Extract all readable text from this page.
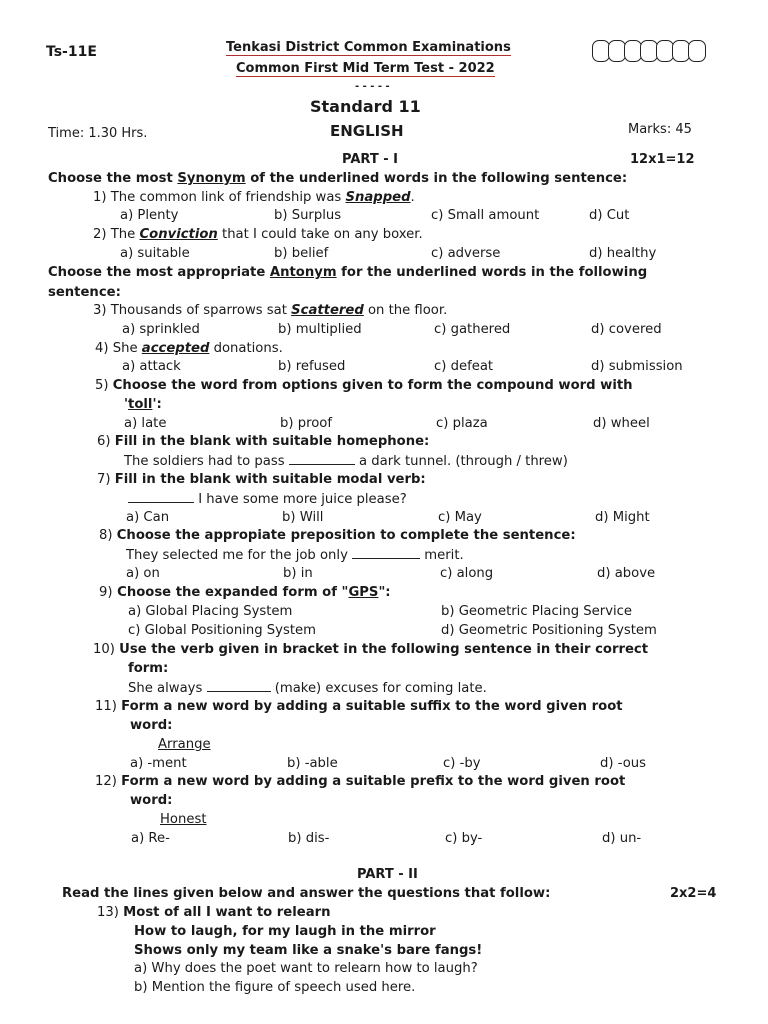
Ts-11E	Tenkasi District Common Examinations
Common First Mid Term Test - 2022
- - - - -
Standard 11
Time: 1.30 Hrs.	ENGLISH	Marks: 45
PART - I	12x1=12
Choose the most Synonym of the underlined words in the following sentence:
1) The common link of friendship was Snapped.
a) Plenty	b) Surplus	c) Small amount	d) Cut
2) The Conviction that I could take on any boxer.
a) suitable	b) belief	c) adverse	d) healthy
Choose the most appropriate Antonym for the underlined words in the following
sentence:
3) Thousands of sparrows sat Scattered on the floor.
a) sprinkled	b) multiplied	c) gathered	d) covered
4) She accepted donations.
a) attack	b) refused	c) defeat	d) submission
5) Choose the word from options given to form the compound word with
'toll':
a) late	b) proof	c) plaza	d) wheel
6) Fill in the blank with suitable homephone:
The soldiers had to pass	a dark tunnel. (through / threw)
7) Fill in the blank with suitable modal verb:
I have some more juice please?
a) Can	b) Will	c) May	d) Might
8) Choose the appropiate preposition to complete the sentence:
They selected me for the job only	merit.
a) on	b) in	c) along	d) above
9) Choose the expanded form of "GPS":
a) Global Placing System	b) Geometric Placing Service
c) Global Positioning System	d) Geometric Positioning System
10) Use the verb given in bracket in the following sentence in their correct
form:
She always	(make) excuses for coming late.
11) Form a new word by adding a suitable suffix to the word given root
word:
Arrange
a) -ment	b) -able	c) -by	d) -ous
12) Form a new word by adding a suitable prefix to the word given root
word:
Honest
a) Re-	b) dis-	c) by-	d) un-
PART - II
Read the lines given below and answer the questions that follow:	2x2=4
13) Most of all I want to relearn
How to laugh, for my laugh in the mirror
Shows only my team like a snake's bare fangs!
a) Why does the poet want to relearn how to laugh?
b) Mention the figure of speech used here.
